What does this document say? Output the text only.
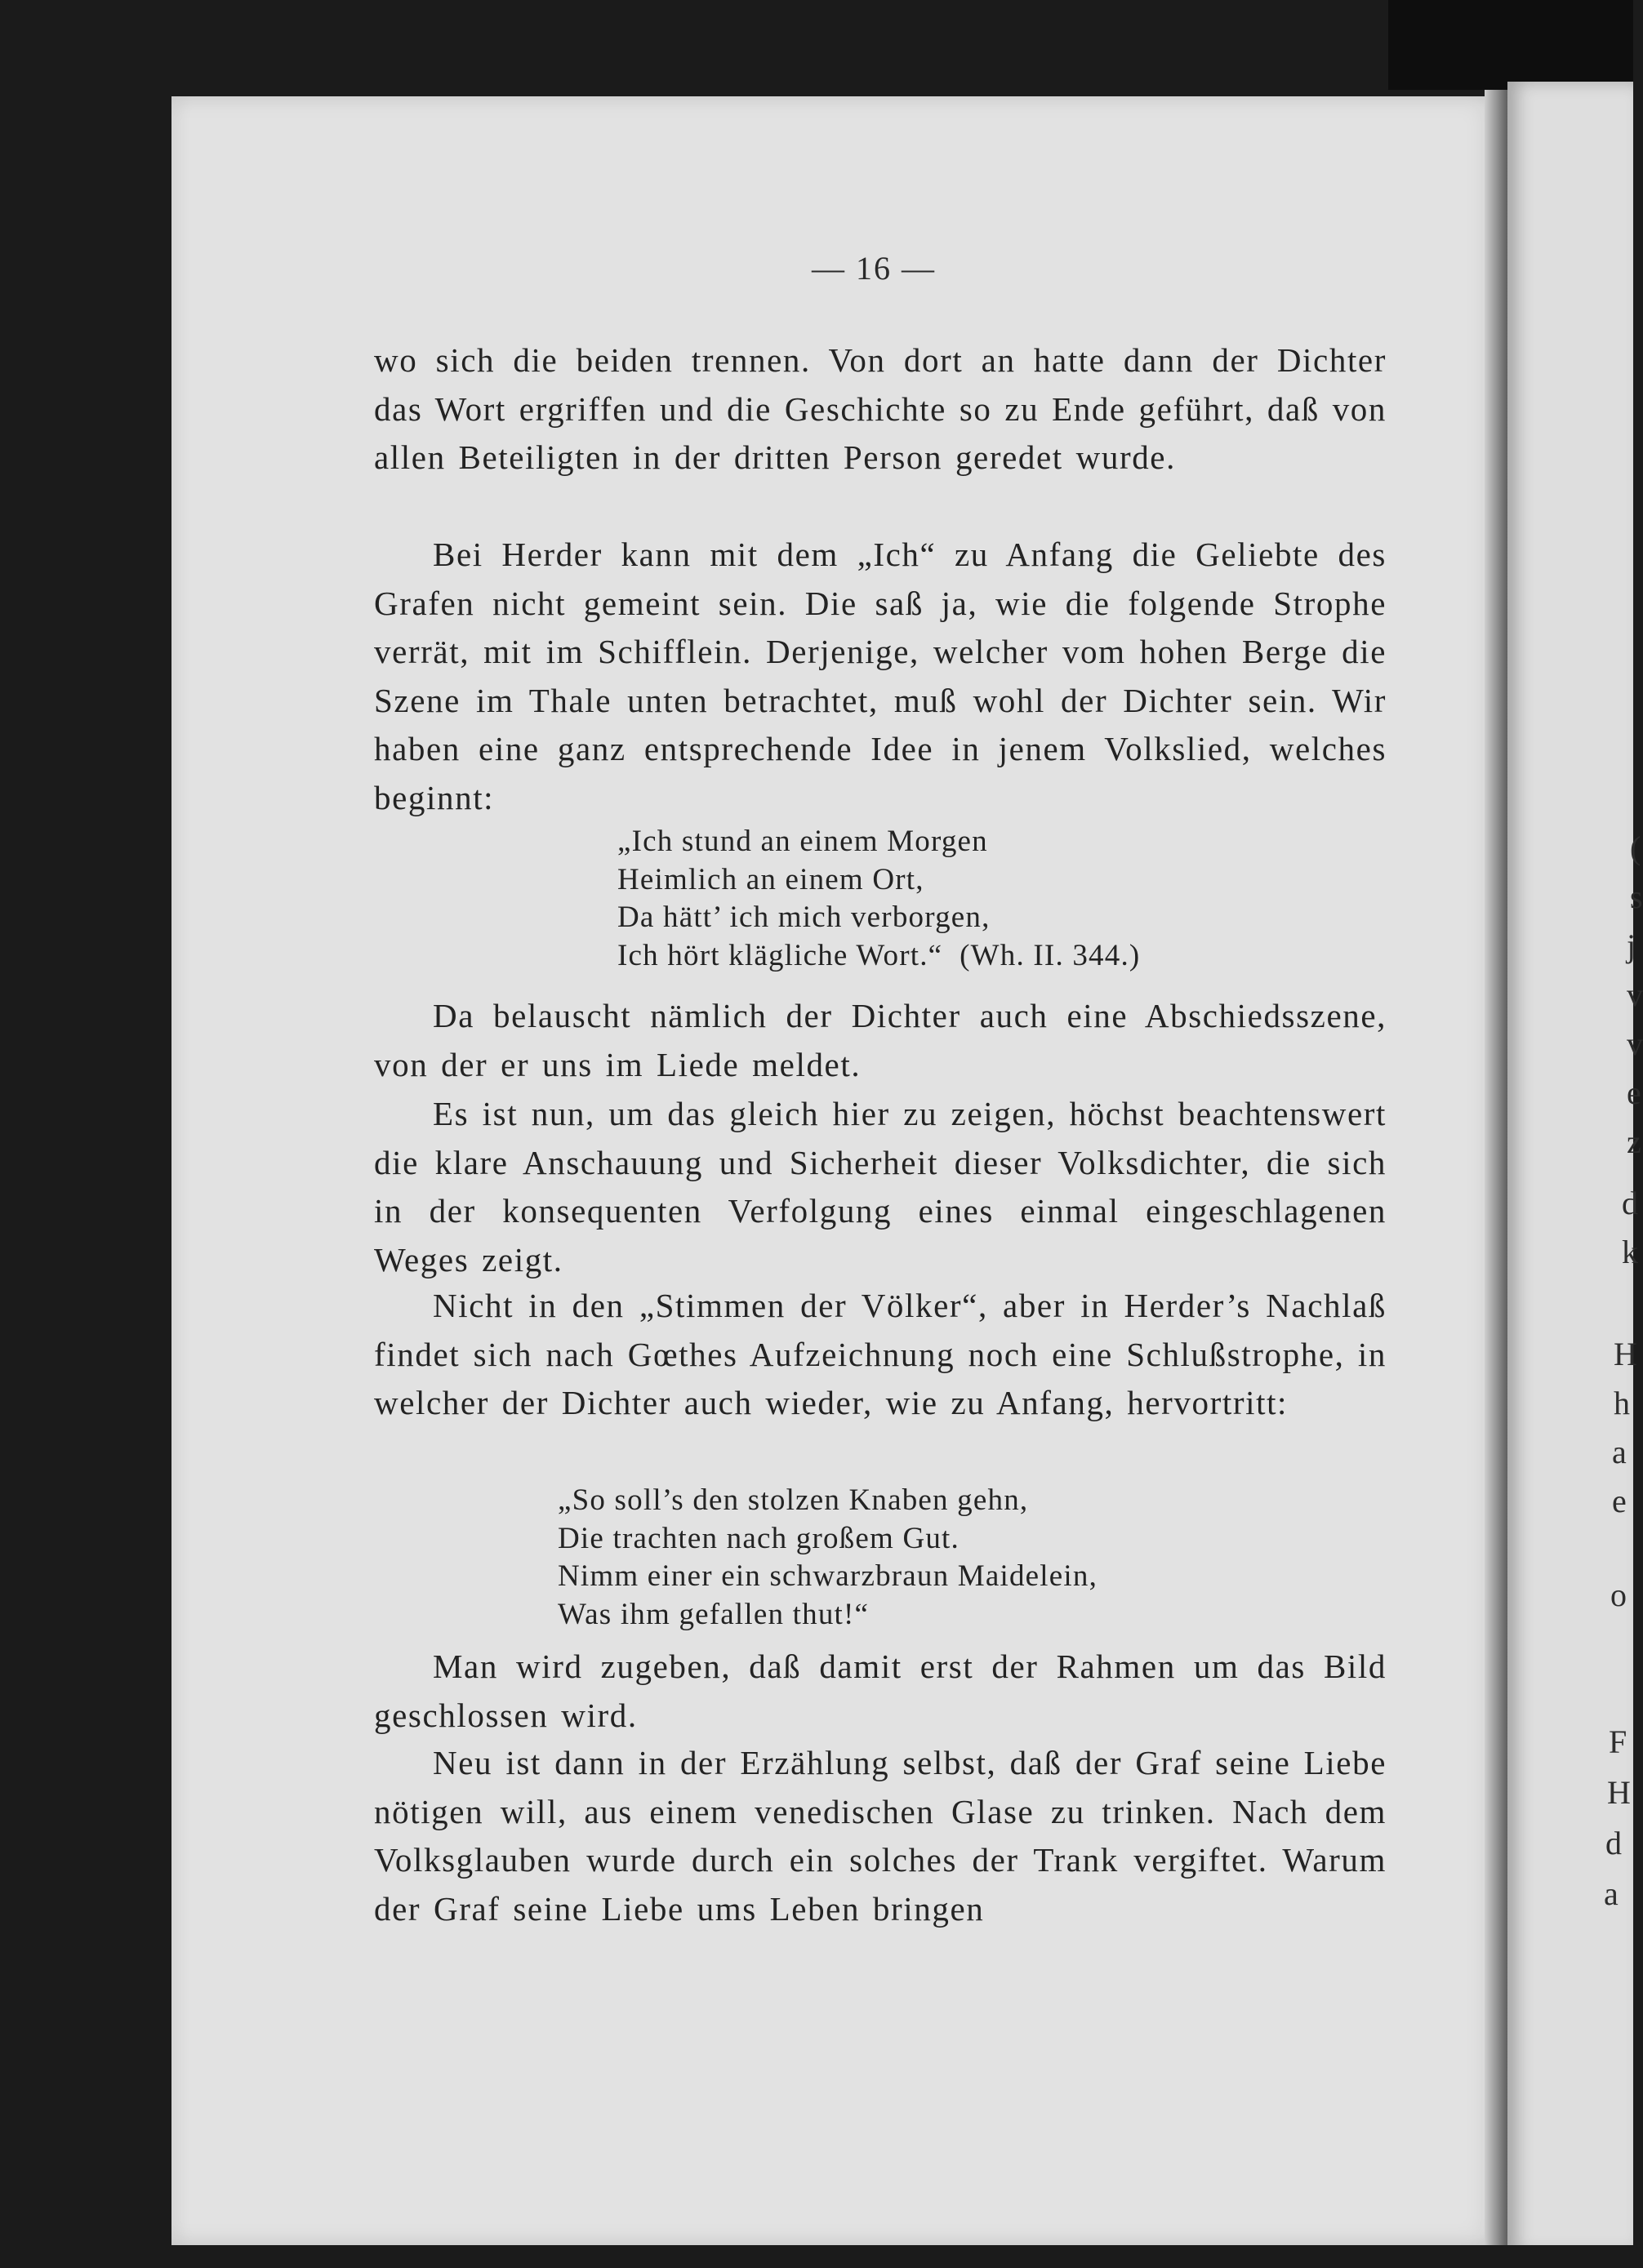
(
s
j
v
v
e
z
d
k
H
h
a
e
o
F
H
d
a
— 16 —

wo sich die beiden trennen. Von dort an hatte dann der Dichter das Wort ergriffen und die Geschichte so zu Ende geführt, daß von allen Beteiligten in der dritten Person geredet wurde.

Bei Herder kann mit dem „Ich“ zu Anfang die Geliebte des Grafen nicht gemeint sein. Die saß ja, wie die folgende Strophe verrät, mit im Schifflein. Derjenige, welcher vom hohen Berge die Szene im Thale unten betrachtet, muß wohl der Dichter sein. Wir haben eine ganz entsprechende Idee in jenem Volkslied, welches beginnt:

„Ich stund an einem Morgen

Heimlich an einem Ort,

Da hätt’ ich mich verborgen,

Ich hört klägliche Wort.“  (Wh. II. 344.)

Da belauscht nämlich der Dichter auch eine Abschiedsszene, von der er uns im Liede meldet.

Es ist nun, um das gleich hier zu zeigen, höchst beachtenswert die klare Anschauung und Sicherheit dieser Volksdichter, die sich in der konsequenten Verfolgung eines einmal eingeschlagenen Weges zeigt.

Nicht in den „Stimmen der Völker“, aber in Herder’s Nachlaß findet sich nach Gœthes Aufzeichnung noch eine Schlußstrophe, in welcher der Dichter auch wieder, wie zu Anfang, hervortritt:

„So soll’s den stolzen Knaben gehn,

Die trachten nach großem Gut.

Nimm einer ein schwarzbraun Maidelein,

Was ihm gefallen thut!“

Man wird zugeben, daß damit erst der Rahmen um das Bild geschlossen wird.

Neu ist dann in der Erzählung selbst, daß der Graf seine Liebe nötigen will, aus einem venedischen Glase zu trinken. Nach dem Volksglauben wurde durch ein solches der Trank vergiftet. Warum der Graf seine Liebe ums Leben bringen
